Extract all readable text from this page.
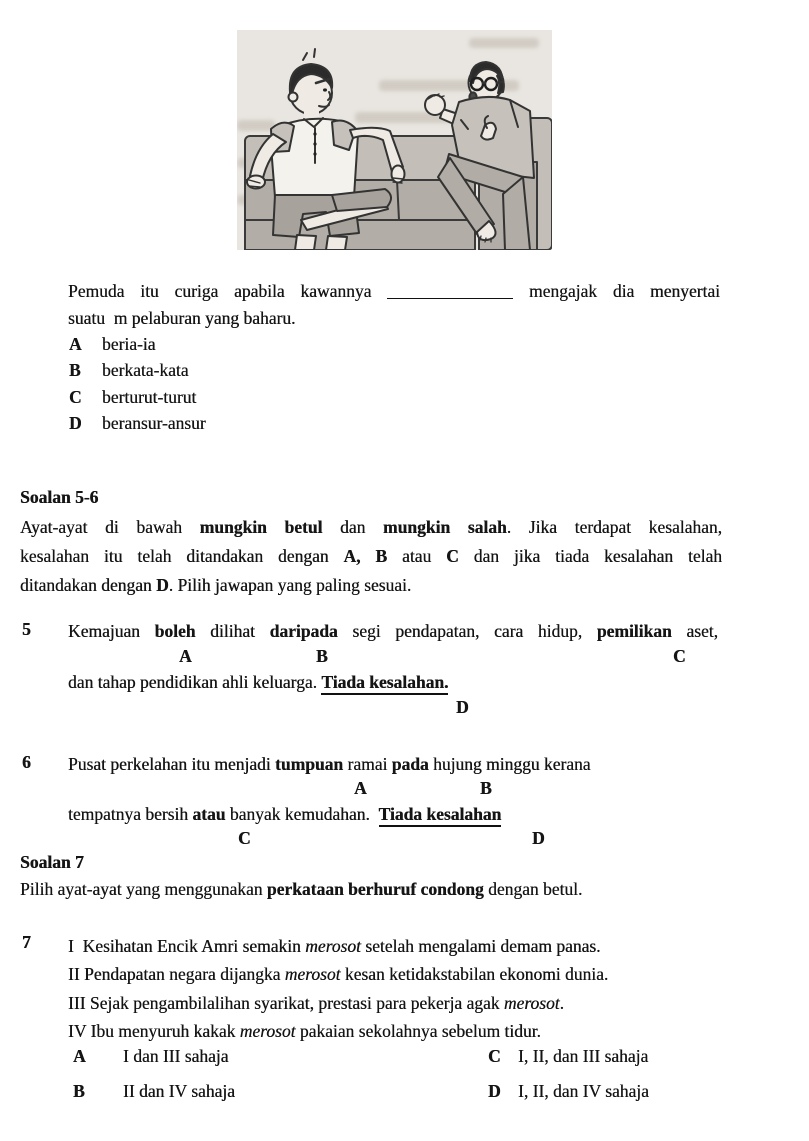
Pemuda itu curiga apabila kawannya	mengajak dia menyertai
suatu  m pelaburan yang baharu.
A beria-ia
B berkata-kata
C berturut-turut
D beransur-ansur
Soalan 5-6
Ayat-ayat di bawah mungkin betul dan mungkin salah. Jika terdapat kesalahan,
kesalahan itu telah ditandakan dengan A, B atau C dan jika tiada kesalahan telah
ditandakan dengan D. Pilih jawapan yang paling sesuai.
5 Kemajuan boleh dilihat daripada segi pendapatan, cara hidup, pemilikan aset,
A	B	C
dan tahap pendidikan ahli keluarga. Tiada kesalahan.
D
6 Pusat perkelahan itu menjadi tumpuan ramai pada hujung minggu kerana
A	B
tempatnya bersih atau banyak kemudahan.  Tiada kesalahan
C	D
Soalan 7
Pilih ayat-ayat yang menggunakan perkataan berhuruf condong dengan betul.
7 I  Kesihatan Encik Amri semakin merosot setelah mengalami demam panas.
II Pendapatan negara dijangka merosot kesan ketidakstabilan ekonomi dunia.
III Sejak pengambilalihan syarikat, prestasi para pekerja agak merosot.
IV Ibu menyuruh kakak merosot pakaian sekolahnya sebelum tidur.
A I dan III sahaja	C I, II, dan III sahaja
B II dan IV sahaja	D I, II, dan IV sahaja
